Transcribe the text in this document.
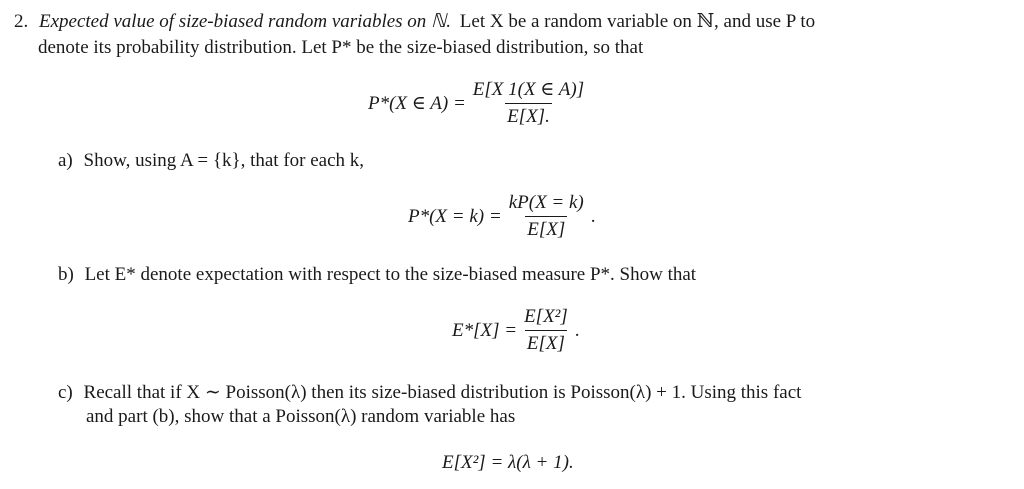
2. Expected value of size-biased random variables on ℕ. Let X be a random variable on ℕ, and use P to
denote its probability distribution. Let P* be the size-biased distribution, so that
P*(X ∈ $A) = \frac{E[X 1(X \in A)]}{E[X].}$
a) Show, using A = {k}, that for each k,
$P*(X = k) = \frac{kP(X = k)}{E[X]}$ .
b) Let E* denote expectation with respect to the size-biased measure P*. Show that
$E*[X] = \frac{\text{E[X²]}}{E[X]}$ .
c) Recall that if X ∼ Poisson(λ) then its size-biased distribution is Poisson(λ) + 1. Using this fact
and part (b), show that a Poisson(λ) random variable has
E[X²] = λ(λ + 1).
